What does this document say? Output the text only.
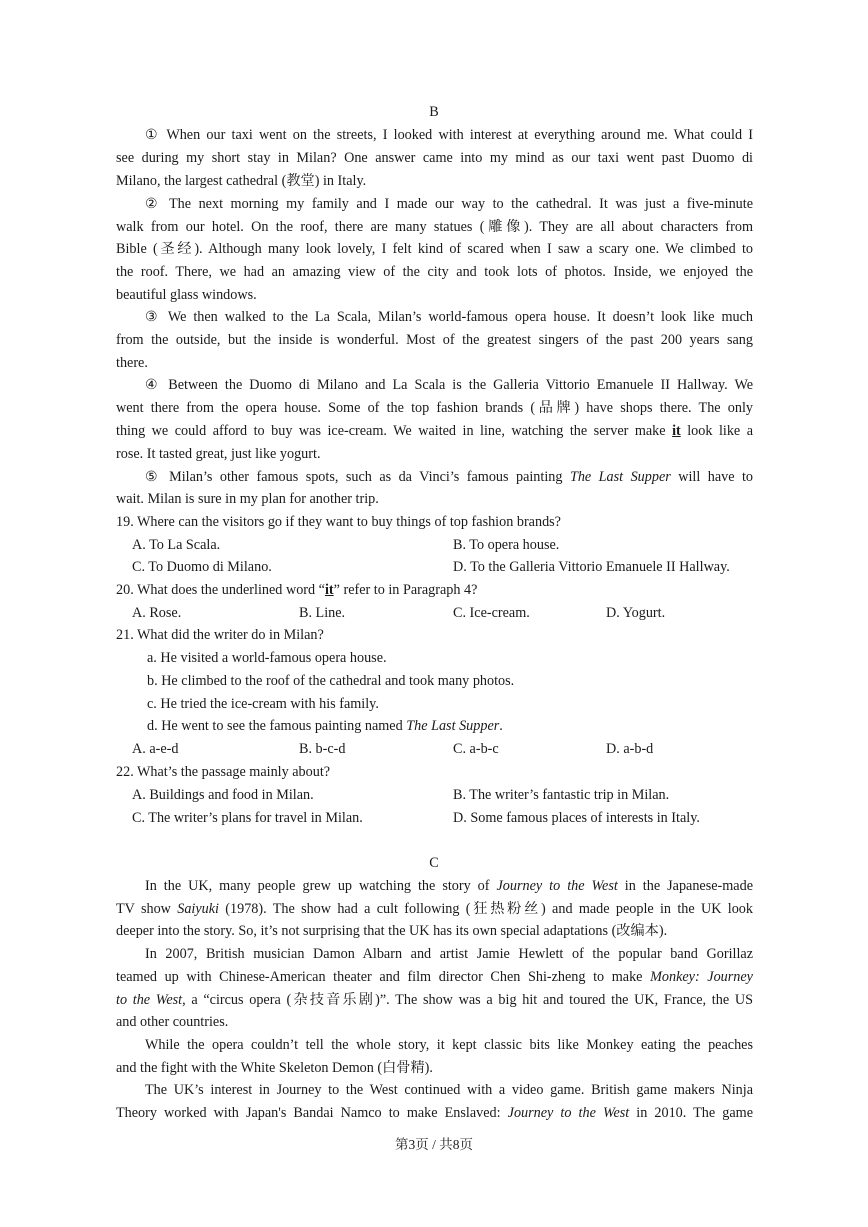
B
① When our taxi went on the streets, I looked with interest at everything around me. What could I
see during my short stay in Milan? One answer came into my mind as our taxi went past Duomo di
Milano, the largest cathedral (教堂) in Italy.
② The next morning my family and I made our way to the cathedral. It was just a five-minute
walk from our hotel. On the roof, there are many statues (雕像). They are all about characters from
Bible (圣经). Although many look lovely, I felt kind of scared when I saw a scary one. We climbed to
the roof. There, we had an amazing view of the city and took lots of photos. Inside, we enjoyed the
beautiful glass windows.
③ We then walked to the La Scala, Milan’s world-famous opera house. It doesn’t look like much
from the outside, but the inside is wonderful. Most of the greatest singers of the past 200 years sang
there.
④ Between the Duomo di Milano and La Scala is the Galleria Vittorio Emanuele II Hallway. We
went there from the opera house. Some of the top fashion brands (品牌) have shops there. The only
thing we could afford to buy was ice-cream. We waited in line, watching the server make it look like a
rose. It tasted great, just like yogurt.
⑤ Milan’s other famous spots, such as da Vinci’s famous painting The Last Supper will have to
wait. Milan is sure in my plan for another trip.
19. Where can the visitors go if they want to buy things of top fashion brands?
A. To La Scala.	B. To opera house.
C. To Duomo di Milano.	D. To the Galleria Vittorio Emanuele II Hallway.
20. What does the underlined word “it” refer to in Paragraph 4?
A. Rose.	B. Line.	C. Ice-cream.	D. Yogurt.
21. What did the writer do in Milan?
a. He visited a world-famous opera house.
b. He climbed to the roof of the cathedral and took many photos.
c. He tried the ice-cream with his family.
d. He went to see the famous painting named The Last Supper.
A. a-e-d	B. b-c-d	C. a-b-c	D. a-b-d
22. What’s the passage mainly about?
A. Buildings and food in Milan.	B. The writer’s fantastic trip in Milan.
C. The writer’s plans for travel in Milan.	D. Some famous places of interests in Italy.
C
In the UK, many people grew up watching the story of Journey to the West in the Japanese-made
TV show Saiyuki (1978). The show had a cult following (狂热粉丝) and made people in the UK look
deeper into the story. So, it’s not surprising that the UK has its own special adaptations (改编本).
In 2007, British musician Damon Albarn and artist Jamie Hewlett of the popular band Gorillaz
teamed up with Chinese-American theater and film director Chen Shi-zheng to make Monkey: Journey
to the West, a “circus opera (杂技音乐剧)”. The show was a big hit and toured the UK, France, the US
and other countries.
While the opera couldn’t tell the whole story, it kept classic bits like Monkey eating the peaches
and the fight with the White Skeleton Demon (白骨精).
The UK’s interest in Journey to the West continued with a video game. British game makers Ninja
Theory worked with Japan's Bandai Namco to make Enslaved: Journey to the West in 2010. The game
第3页 / 共8页
